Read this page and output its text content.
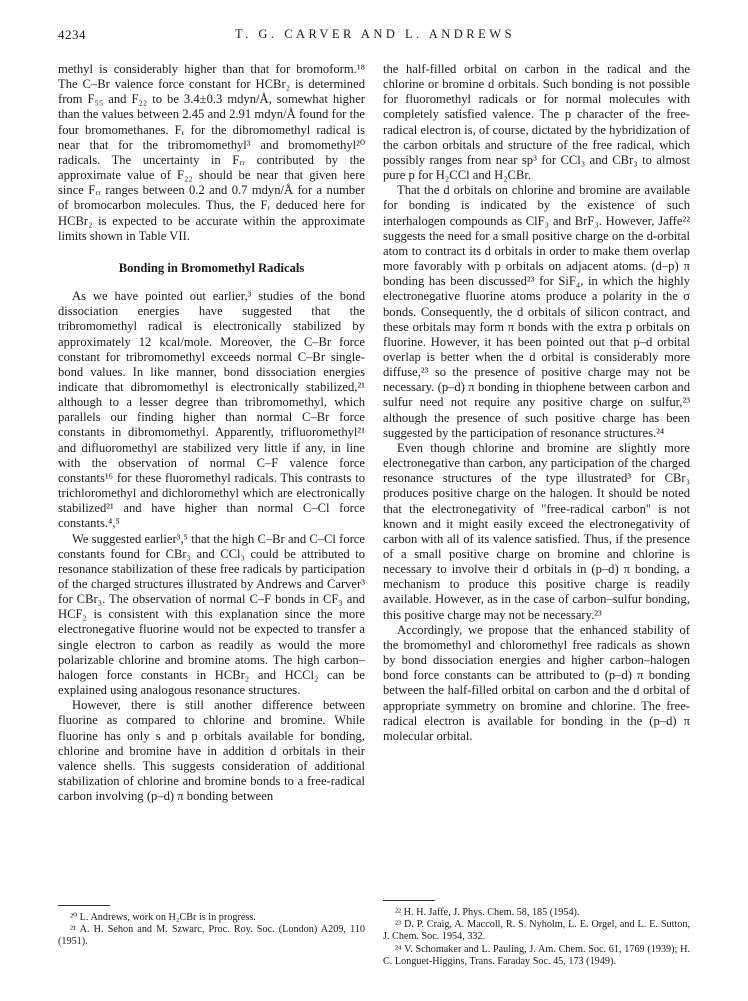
4234	T. G. CARVER AND L. ANDREWS

methyl is considerably higher than that for bromoform.¹⁸ The C–Br valence force constant for HCBr₂ is determined from F₅₅ and F₂₂ to be 3.4±0.3 mdyn/Å, somewhat higher than the values between 2.45 and 2.91 mdyn/Å found for the four bromomethanes. Fᵣ for the dibromomethyl radical is near that for the tribromomethyl³ and bromomethyl²⁰ radicals. The uncertainty in Fᵣᵣ contributed by the approximate value of F₂₂ should be near that given here since Fᵣᵣ ranges between 0.2 and 0.7 mdyn/Å for a number of bromocarbon molecules. Thus, the Fᵣ deduced here for HCBr₂ is expected to be accurate within the approximate limits shown in Table VII.

Bonding in Bromomethyl Radicals

As we have pointed out earlier,³ studies of the bond dissociation energies have suggested that the tribromomethyl radical is electronically stabilized by approximately 12 kcal/mole. Moreover, the C–Br force constant for tribromomethyl exceeds normal C–Br single-bond values. In like manner, bond dissociation energies indicate that dibromomethyl is electronically stabilized,²¹ although to a lesser degree than tribromomethyl, which parallels our finding higher than normal C–Br force constants in dibromomethyl. Apparently, trifluoromethyl²¹ and difluoromethyl are stabilized very little if any, in line with the observation of normal C–F valence force constants¹⁶ for these fluoromethyl radicals. This contrasts to trichloromethyl and dichloromethyl which are electronically stabilized²¹ and have higher than normal C–Cl force constants.⁴,⁵

We suggested earlier³,⁵ that the high C–Br and C–Cl force constants found for CBr₃ and CCl₃ could be attributed to resonance stabilization of these free radicals by participation of the charged structures illustrated by Andrews and Carver³ for CBr₃. The observation of normal C–F bonds in CF₃ and HCF₂ is consistent with this explanation since the more electronegative fluorine would not be expected to transfer a single electron to carbon as readily as would the more polarizable chlorine and bromine atoms. The high carbon–halogen force constants in HCBr₂ and HCCl₂ can be explained using analogous resonance structures.

However, there is still another difference between fluorine as compared to chlorine and bromine. While fluorine has only s and p orbitals available for bonding, chlorine and bromine have in addition d orbitals in their valence shells. This suggests consideration of additional stabilization of chlorine and bromine bonds to a free-radical carbon involving (p–d) π bonding between

the half-filled orbital on carbon in the radical and the chlorine or bromine d orbitals. Such bonding is not possible for fluoromethyl radicals or for normal molecules with completely satisfied valence. The p character of the free-radical electron is, of course, dictated by the hybridization of the carbon orbitals and structure of the free radical, which possibly ranges from near sp³ for CCl₃ and CBr₃ to almost pure p for H₂CCl and H₂CBr.

That the d orbitals on chlorine and bromine are available for bonding is indicated by the existence of such interhalogen compounds as ClF₃ and BrF₃. However, Jaffe²² suggests the need for a small positive charge on the d-orbital atom to contract its d orbitals in order to make them overlap more favorably with p orbitals on adjacent atoms. (d–p) π bonding has been discussed²³ for SiF₄, in which the highly electronegative fluorine atoms produce a polarity in the σ bonds. Consequently, the d orbitals of silicon contract, and these orbitals may form π bonds with the extra p orbitals on fluorine. However, it has been pointed out that p–d orbital overlap is better when the d orbital is considerably more diffuse,²³ so the presence of positive charge may not be necessary. (p–d) π bonding in thiophene between carbon and sulfur need not require any positive charge on sulfur,²³ although the presence of such positive charge has been suggested by the participation of resonance structures.²⁴

Even though chlorine and bromine are slightly more electronegative than carbon, any participation of the charged resonance structures of the type illustrated³ for CBr₃ produces positive charge on the halogen. It should be noted that the electronegativity of "free-radical carbon" is not known and it might easily exceed the electronegativity of carbon with all of its valence satisfied. Thus, if the presence of a small positive charge on bromine and chlorine is necessary to involve their d orbitals in (p–d) π bonding, a mechanism to produce this positive charge is readily available. However, as in the case of carbon–sulfur bonding, this positive charge may not be necessary.²³

Accordingly, we propose that the enhanced stability of the bromomethyl and chloromethyl free radicals as shown by bond dissociation energies and higher carbon–halogen bond force constants can be attributed to (p–d) π bonding between the half-filled orbital on carbon and the d orbital of appropriate symmetry on bromine and chlorine. The free-radical electron is available for bonding in the (p–d) π molecular orbital.

²⁰ L. Andrews, work on H₂CBr is in progress.

²¹ A. H. Sehon and M. Szwarc, Proc. Roy. Soc. (London) A209, 110 (1951).

²² H. H. Jaffe, J. Phys. Chem. 58, 185 (1954).

²³ D. P. Craig, A. Maccoll, R. S. Nyholm, L. E. Orgel, and L. E. Sutton, J. Chem. Soc. 1954, 332.

²⁴ V. Schomaker and L. Pauling, J. Am. Chem. Soc. 61, 1769 (1939); H. C. Longuet-Higgins, Trans. Faraday Soc. 45, 173 (1949).
